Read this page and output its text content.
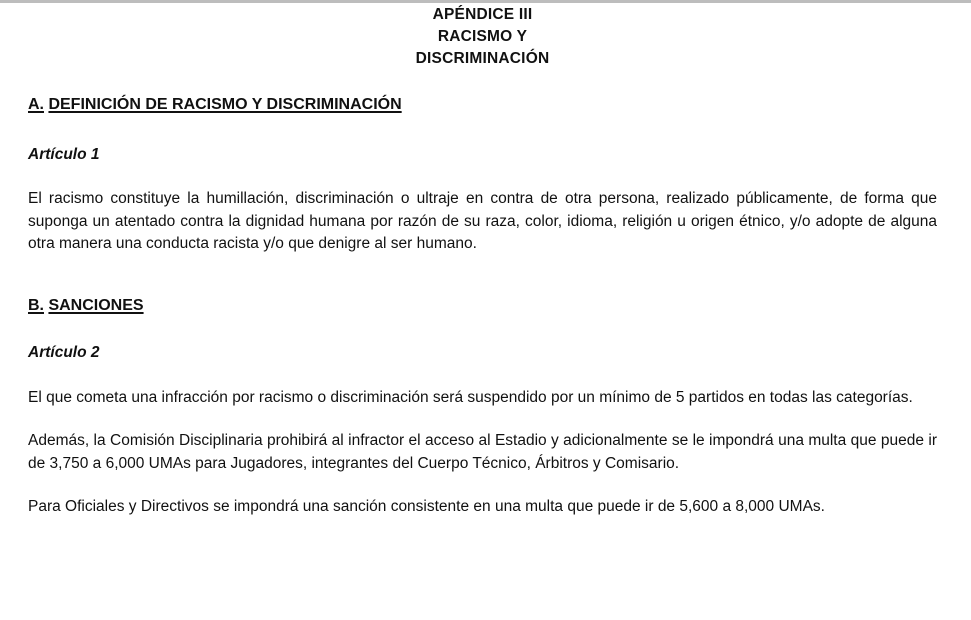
APÉNDICE III
RACISMO Y
DISCRIMINACIÓN
A. DEFINICIÓN DE RACISMO Y DISCRIMINACIÓN
Artículo 1

El racismo constituye la humillación, discriminación o ultraje en contra de otra persona, realizado públicamente, de forma que suponga un atentado contra la dignidad humana por razón de su raza, color, idioma, religión u origen étnico, y/o adopte de alguna otra manera una conducta racista y/o que denigre al ser humano.

B. SANCIONES
Artículo 2

El que cometa una infracción por racismo o discriminación será suspendido por un mínimo de 5 partidos en todas las categorías.

Además, la Comisión Disciplinaria prohibirá al infractor el acceso al Estadio y adicionalmente se le impondrá una multa que puede ir de 3,750 a 6,000 UMAs para Jugadores, integrantes del Cuerpo Técnico, Árbitros y Comisario.

Para Oficiales y Directivos se impondrá una sanción consistente en una multa que puede ir de 5,600 a 8,000 UMAs.
